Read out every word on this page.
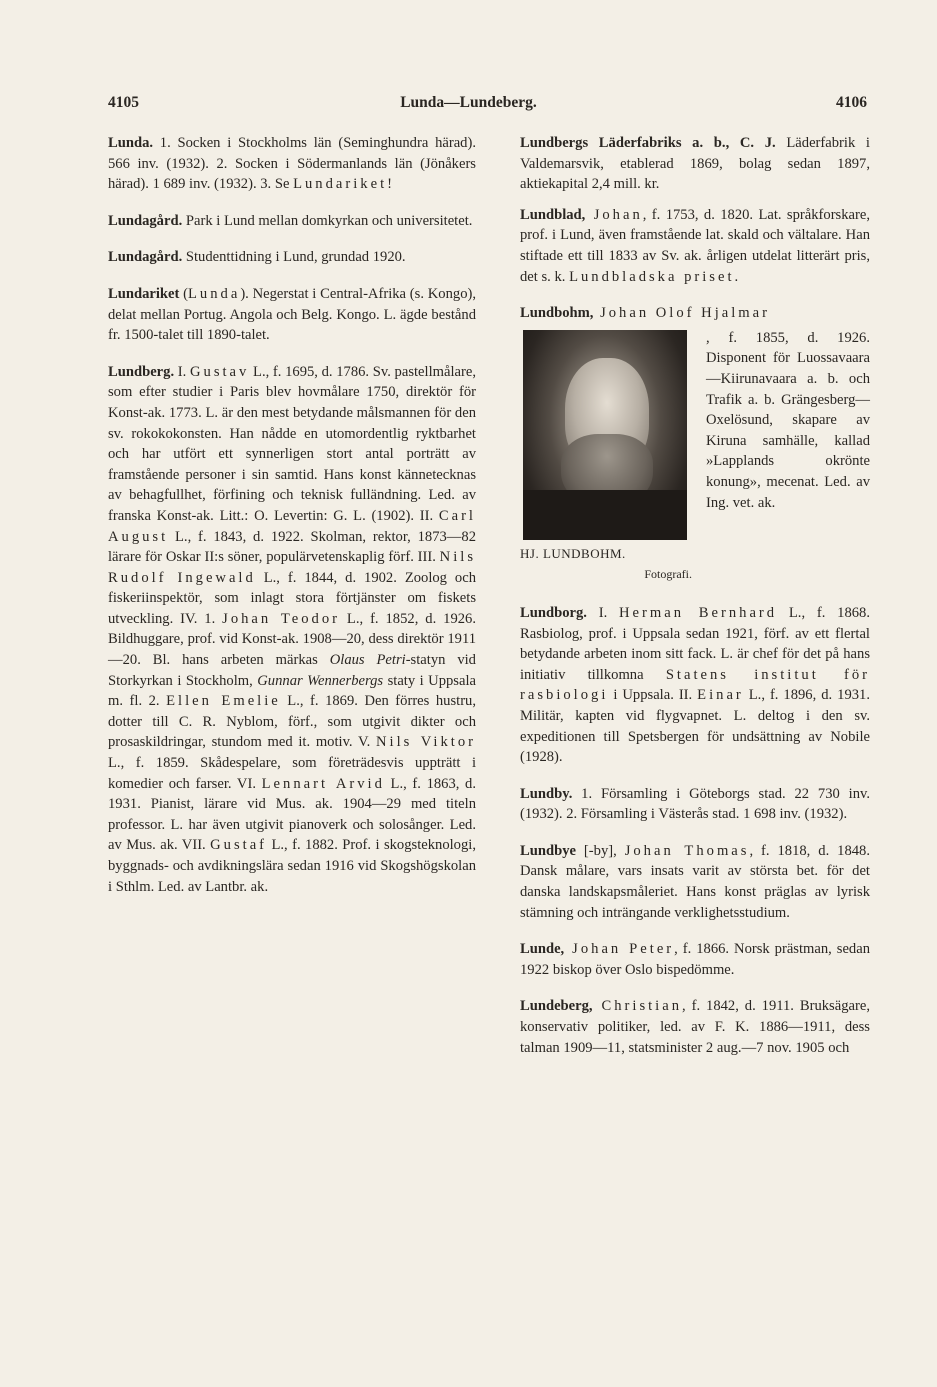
4105	Lunda—Lundeberg.	4106

Lunda. 1. Socken i Stockholms län (Seminghundra härad). 566 inv. (1932). 2. Socken i Södermanlands län (Jönåkers härad). 1 689 inv. (1932). 3. Se Lundariket!

Lundagård. Park i Lund mellan domkyrkan och universitetet.

Lundagård. Studenttidning i Lund, grundad 1920.

Lundariket (Lunda). Negerstat i Central-Afrika (s. Kongo), delat mellan Portug. Angola och Belg. Kongo. L. ägde bestånd fr. 1500-talet till 1890-talet.

Lundberg. I. Gustav L., f. 1695, d. 1786. Sv. pastellmålare, som efter studier i Paris blev hovmålare 1750, direktör för Konst-ak. 1773. L. är den mest betydande målsmannen för den sv. rokokokonsten. Han nådde en utomordentlig ryktbarhet och har utfört ett synnerligen stort antal porträtt av framstående personer i sin samtid. Hans konst kännetecknas av behagfullhet, förfining och teknisk fulländning. Led. av franska Konst-ak. Litt.: O. Levertin: G. L. (1902). II. Carl August L., f. 1843, d. 1922. Skolman, rektor, 1873—82 lärare för Oskar II:s söner, populärvetenskaplig förf. III. Nils Rudolf Ingewald L., f. 1844, d. 1902. Zoolog och fiskeriinspektör, som inlagt stora förtjänster om fiskets utveckling. IV. 1. Johan Teodor L., f. 1852, d. 1926. Bildhuggare, prof. vid Konst-ak. 1908—20, dess direktör 1911—20. Bl. hans arbeten märkas Olaus Petri-statyn vid Storkyrkan i Stockholm, Gunnar Wennerbergs staty i Uppsala m. fl. 2. Ellen Emelie L., f. 1869. Den förres hustru, dotter till C. R. Nyblom, förf., som utgivit dikter och prosaskildringar, stundom med it. motiv. V. Nils Viktor L., f. 1859. Skådespelare, som företrädesvis uppträtt i komedier och farser. VI. Lennart Arvid L., f. 1863, d. 1931. Pianist, lärare vid Mus. ak. 1904—29 med titeln professor. L. har även utgivit pianoverk och solosånger. Led. av Mus. ak. VII. Gustaf L., f. 1882. Prof. i skogsteknologi, byggnads- och avdikningslära sedan 1916 vid Skogshögskolan i Sthlm. Led. av Lantbr. ak.

Lundbergs Läderfabriks a. b., C. J. Läderfabrik i Valdemarsvik, etablerad 1869, bolag sedan 1897, aktiekapital 2,4 mill. kr.

Lundblad, Johan, f. 1753, d. 1820. Lat. språkforskare, prof. i Lund, även framstående lat. skald och vältalare. Han stiftade ett till 1833 av Sv. ak. årligen utdelat litterärt pris, det s. k. Lundbladska priset.

Lundbohm, Johan Olof Hjalmar
HJ. LUNDBOHM.
Fotografi.
, f. 1855, d. 1926. Disponent för Luossavaara—Kiirunavaara a. b. och Trafik a. b. Grängesberg—Oxelösund, skapare av Kiruna samhälle, kallad »Lapplands okrönte konung», mecenat. Led. av Ing. vet. ak.

Lundborg. I. Herman Bernhard L., f. 1868. Rasbiolog, prof. i Uppsala sedan 1921, förf. av ett flertal betydande arbeten inom sitt fack. L. är chef för det på hans initiativ tillkomna Statens institut för rasbiologi i Uppsala. II. Einar L., f. 1896, d. 1931. Militär, kapten vid flygvapnet. L. deltog i den sv. expeditionen till Spetsbergen för undsättning av Nobile (1928).

Lundby. 1. Församling i Göteborgs stad. 22 730 inv. (1932). 2. Församling i Västerås stad. 1 698 inv. (1932).

Lundbye [-by], Johan Thomas, f. 1818, d. 1848. Dansk målare, vars insats varit av största bet. för det danska landskapsmåleriet. Hans konst präglas av lyrisk stämning och inträngande verklighetsstudium.

Lunde, Johan Peter, f. 1866. Norsk prästman, sedan 1922 biskop över Oslo bispedömme.

Lundeberg, Christian, f. 1842, d. 1911. Bruksägare, konservativ politiker, led. av F. K. 1886—1911, dess talman 1909—11, statsminister 2 aug.—7 nov. 1905 och
